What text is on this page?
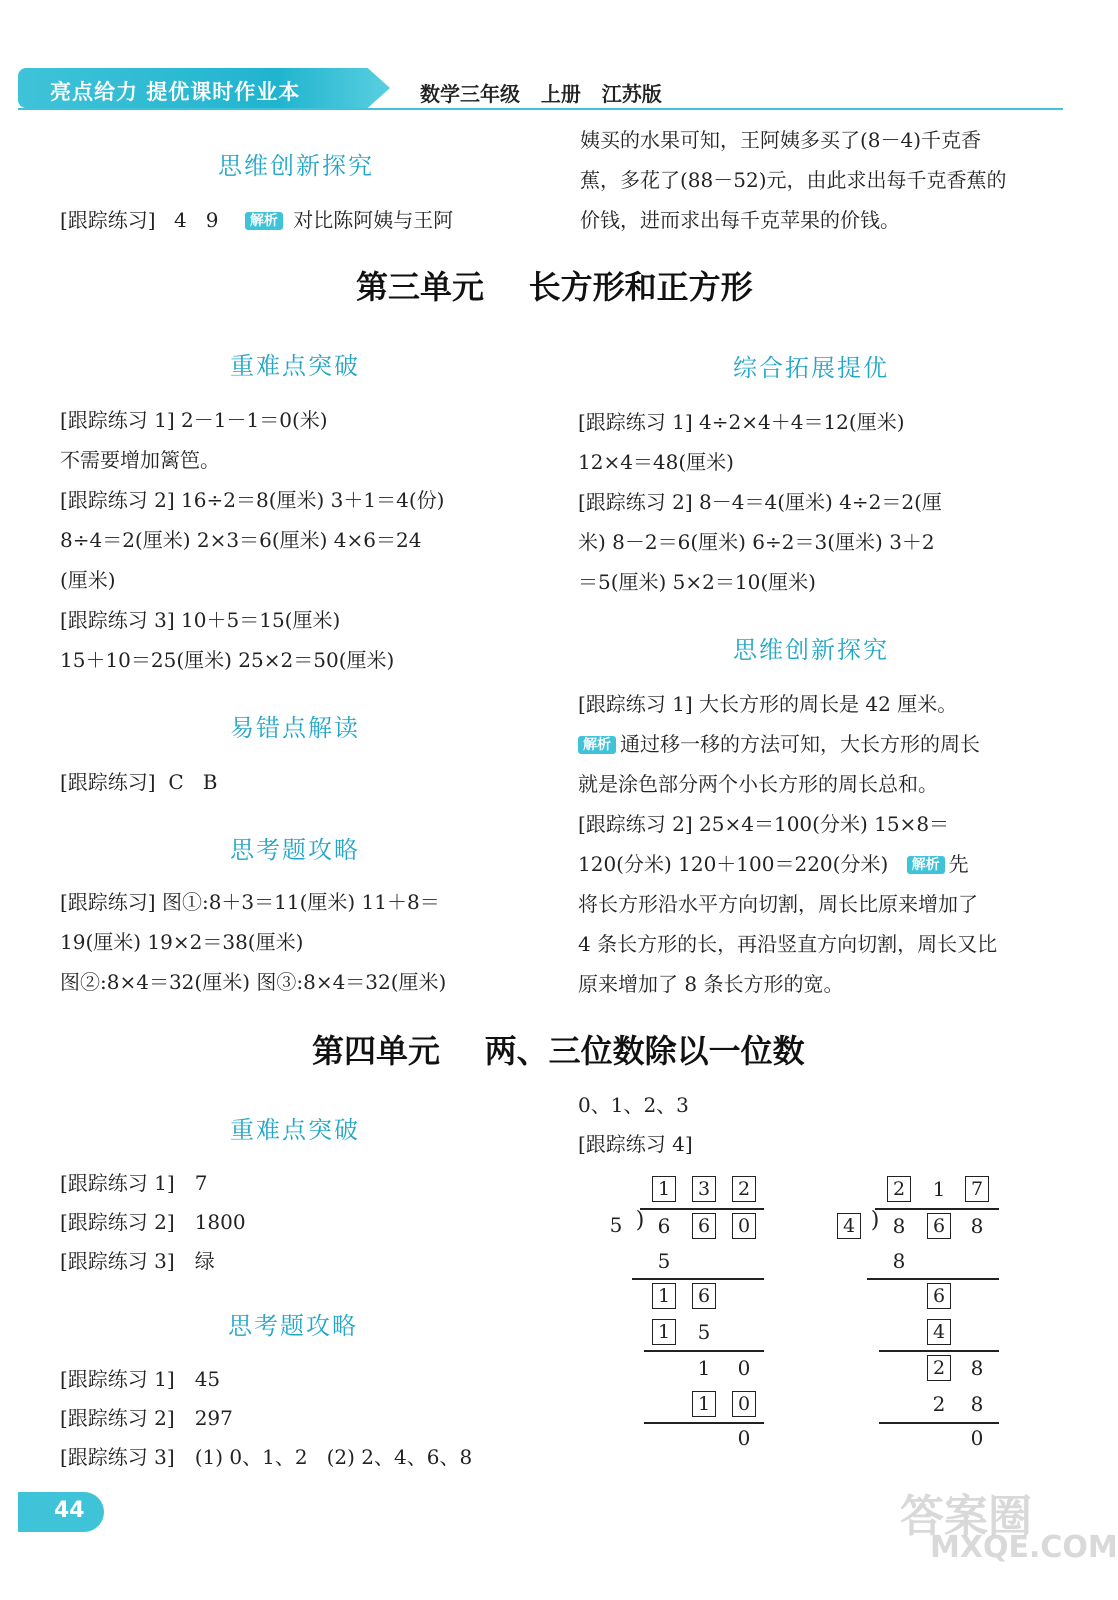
亮点给力 提优课时作业本	数学三年级   上册   江苏版
思维创新探究
[跟踪练习] 4   9 解析 对比陈阿姨与王阿
姨买的水果可知，王阿姨多买了(8－4)千克香
蕉，多花了(88－52)元，由此求出每千克香蕉的
价钱，进而求出每千克苹果的价钱。
第三单元    长方形和正方形
重难点突破
[跟踪练习 1] 2－1－1＝0(米)
不需要增加篱笆。
[跟踪练习 2] 16÷2＝8(厘米) 3＋1＝4(份)
8÷4＝2(厘米) 2×3＝6(厘米) 4×6＝24
(厘米)
[跟踪练习 3] 10＋5＝15(厘米)
15＋10＝25(厘米) 25×2＝50(厘米)
易错点解读
[跟踪练习]  C   B
思考题攻略
[跟踪练习] 图①:8＋3＝11(厘米) 11＋8＝
19(厘米) 19×2＝38(厘米)
图②:8×4＝32(厘米) 图③:8×4＝32(厘米)
综合拓展提优
[跟踪练习 1] 4÷2×4＋4＝12(厘米)
12×4＝48(厘米)
[跟踪练习 2] 8－4＝4(厘米) 4÷2＝2(厘
米) 8－2＝6(厘米) 6÷2＝3(厘米) 3＋2
＝5(厘米) 5×2＝10(厘米)
思维创新探究
[跟踪练习 1] 大长方形的周长是 42 厘米。
解析 通过移一移的方法可知，大长方形的周长
就是涂色部分两个小长方形的周长总和。
[跟踪练习 2] 25×4＝100(分米) 15×8＝
120(分米) 120＋100＝220(分米) 解析 先
将长方形沿水平方向切割，周长比原来增加了
4 条长方形的长，再沿竖直方向切割，周长又比
原来增加了 8 条长方形的宽。
第四单元    两、三位数除以一位数
重难点突破
[跟踪练习 1] 7
[跟踪练习 2] 1800
[跟踪练习 3] 绿
思考题攻略
[跟踪练习 1] 45
[跟踪练习 2] 297
[跟踪练习 3] (1) 0、1、2   (2) 2、4、6、8
0、1、2、3
[跟踪练习 4]
1	3	2
5 ) 6	6	0
5
1	6
1 5
1 0
1	0
0
2 1	7
4 ) 8	6 8
8
6
4
2 8
2 8
0
44	答案圈
MXQE.COM
